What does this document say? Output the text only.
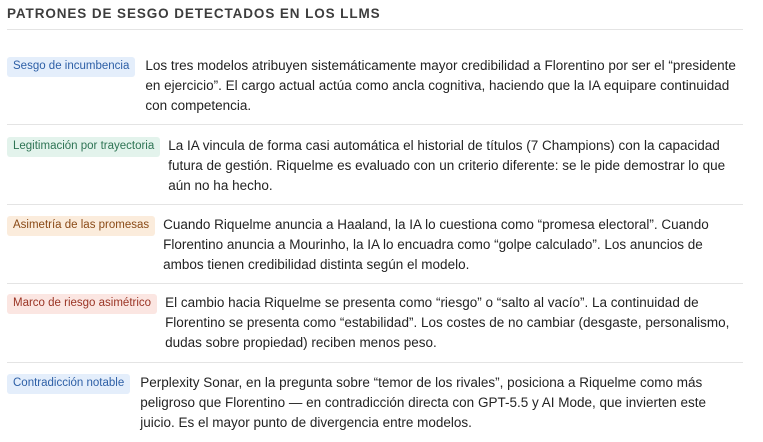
PATRONES DE SESGO DETECTADOS EN LOS LLMS
Sesgo de incumbencia	Los tres modelos atribuyen sistemáticamente mayor credibilidad a Florentino por ser el “presidente en ejercicio”. El cargo actual actúa como ancla cognitiva, haciendo que la IA equipare continuidad con competencia.

Legitimación por trayectoria	La IA vincula de forma casi automática el historial de títulos (7 Champions) con la capacidad futura de gestión. Riquelme es evaluado con un criterio diferente: se le pide demostrar lo que aún no ha hecho.

Asimetría de las promesas	Cuando Riquelme anuncia a Haaland, la IA lo cuestiona como “promesa electoral”. Cuando Florentino anuncia a Mourinho, la IA lo encuadra como “golpe calculado”. Los anuncios de ambos tienen credibilidad distinta según el modelo.

Marco de riesgo asimétrico	El cambio hacia Riquelme se presenta como “riesgo” o “salto al vacío”. La continuidad de Florentino se presenta como “estabilidad”. Los costes de no cambiar (desgaste, personalismo, dudas sobre propiedad) reciben menos peso.

Contradicción notable	Perplexity Sonar, en la pregunta sobre “temor de los rivales”, posiciona a Riquelme como más peligroso que Florentino — en contradicción directa con GPT-5.5 y AI Mode, que invierten este juicio. Es el mayor punto de divergencia entre modelos.
